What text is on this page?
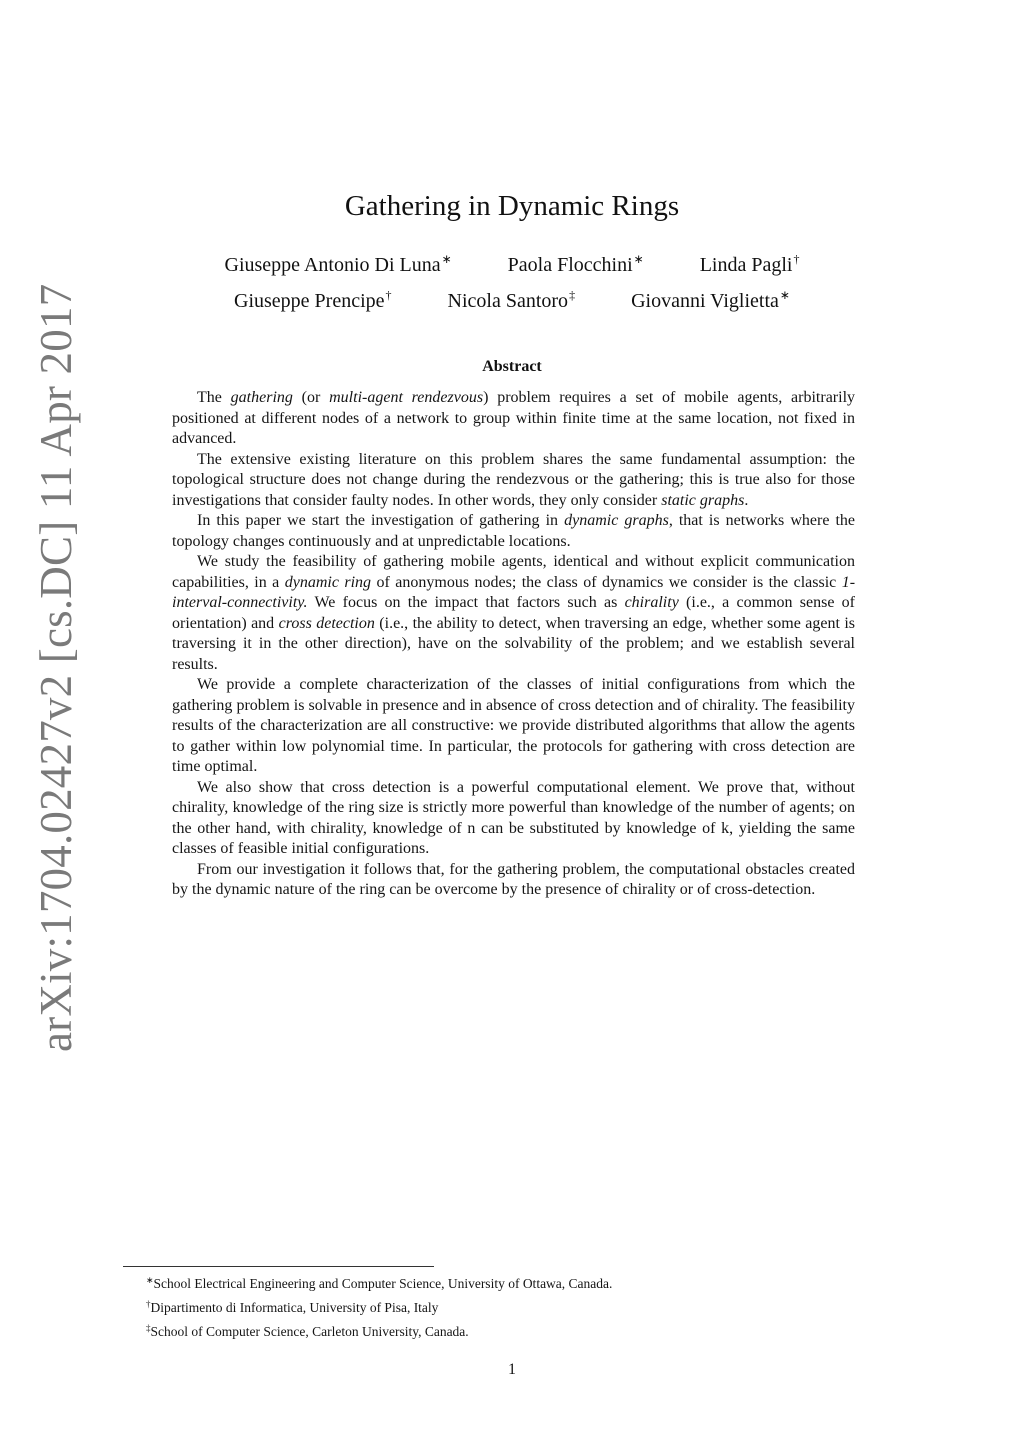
arXiv:1704.02427v2 [cs.DC] 11 Apr 2017
Gathering in Dynamic Rings
Giuseppe Antonio Di Luna∗	Paola Flocchini∗	Linda Pagli†
Giuseppe Prencipe†	Nicola Santoro‡	Giovanni Viglietta∗
Abstract

The gathering (or multi-agent rendezvous) problem requires a set of mobile agents, arbitrarily positioned at different nodes of a network to group within finite time at the same location, not fixed in advanced.

The extensive existing literature on this problem shares the same fundamental assumption: the topological structure does not change during the rendezvous or the gathering; this is true also for those investigations that consider faulty nodes. In other words, they only consider static graphs.

In this paper we start the investigation of gathering in dynamic graphs, that is networks where the topology changes continuously and at unpredictable locations.

We study the feasibility of gathering mobile agents, identical and without explicit communication capabilities, in a dynamic ring of anonymous nodes; the class of dynamics we consider is the classic 1-interval-connectivity. We focus on the impact that factors such as chirality (i.e., a common sense of orientation) and cross detection (i.e., the ability to detect, when traversing an edge, whether some agent is traversing it in the other direction), have on the solvability of the problem; and we establish several results.

We provide a complete characterization of the classes of initial configurations from which the gathering problem is solvable in presence and in absence of cross detection and of chirality. The feasibility results of the characterization are all constructive: we provide distributed algorithms that allow the agents to gather within low polynomial time. In particular, the protocols for gathering with cross detection are time optimal.

We also show that cross detection is a powerful computational element. We prove that, without chirality, knowledge of the ring size is strictly more powerful than knowledge of the number of agents; on the other hand, with chirality, knowledge of n can be substituted by knowledge of k, yielding the same classes of feasible initial configurations.

From our investigation it follows that, for the gathering problem, the computational obstacles created by the dynamic nature of the ring can be overcome by the presence of chirality or of cross-detection.

∗School Electrical Engineering and Computer Science, University of Ottawa, Canada.
†Dipartimento di Informatica, University of Pisa, Italy
‡School of Computer Science, Carleton University, Canada.
1
